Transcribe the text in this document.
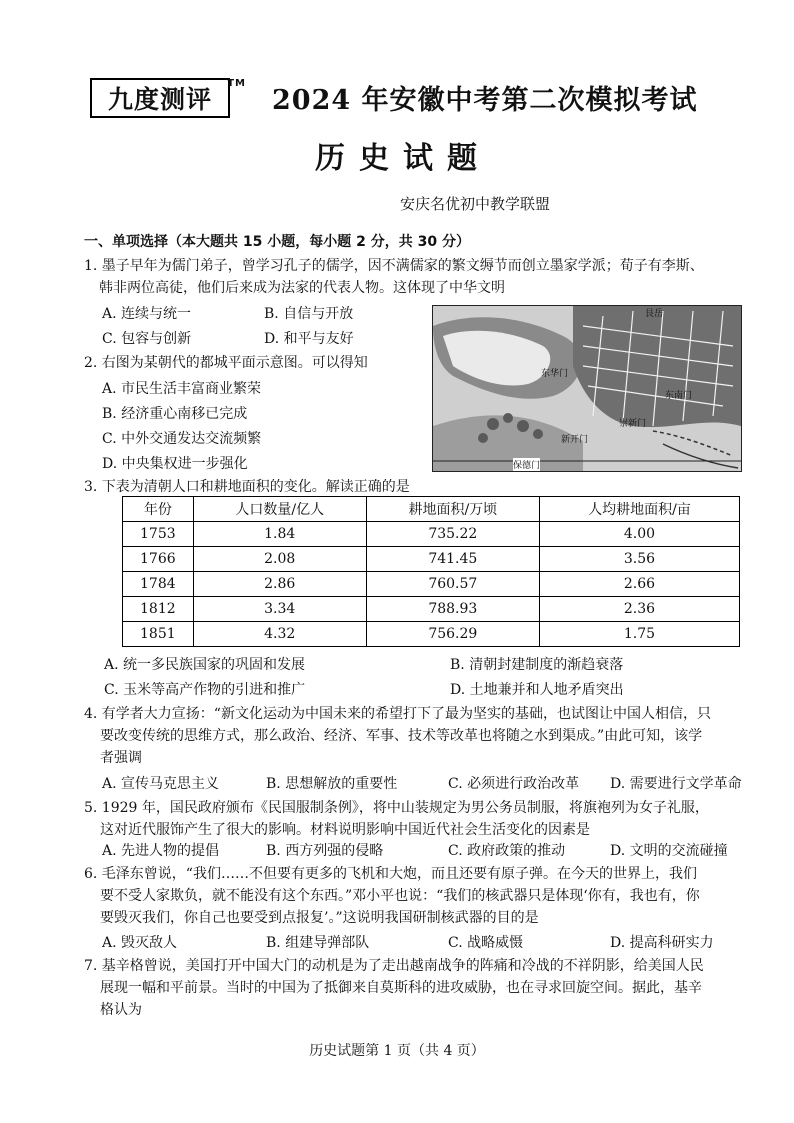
九度测评
™
2024 年安徽中考第二次模拟考试
历史试题
安庆名优初中教学联盟
一、单项选择（本大题共 15 小题，每小题 2 分，共 30 分）
1. 墨子早年为儒门弟子，曾学习孔子的儒学，因不满儒家的繁文缛节而创立墨家学派；荀子有李斯、
韩非两位高徒，他们后来成为法家的代表人物。这体现了中华文明
A. 连续与统一	B. 自信与开放
C. 包容与创新	D. 和平与友好
艮岳
东华门
东南门
新开门
崇新门
保德门
2. 右图为某朝代的都城平面示意图。可以得知
A. 市民生活丰富商业繁荣
B. 经济重心南移已完成
C. 中外交通发达交流频繁
D. 中央集权进一步强化
3. 下表为清朝人口和耕地面积的变化。解读正确的是
年份	人口数量/亿人	耕地面积/万顷	人均耕地面积/亩
1753	1.84	735.22	4.00
1766	2.08	741.45	3.56
1784	2.86	760.57	2.66
1812	3.34	788.93	2.36
1851	4.32	756.29	1.75
A. 统一多民族国家的巩固和发展	B. 清朝封建制度的渐趋衰落
C. 玉米等高产作物的引进和推广	D. 土地兼并和人地矛盾突出
4. 有学者大力宣扬：“新文化运动为中国未来的希望打下了最为坚实的基础，也试图让中国人相信，只
要改变传统的思维方式，那么政治、经济、军事、技术等改革也将随之水到渠成。”由此可知，该学
者强调
A. 宣传马克思主义	B. 思想解放的重要性	C. 必须进行政治改革 D. 需要进行文学革命
5. 1929 年，国民政府颁布《民国服制条例》，将中山装规定为男公务员制服，将旗袍列为女子礼服，
这对近代服饰产生了很大的影响。材料说明影响中国近代社会生活变化的因素是
A. 先进人物的提倡	B. 西方列强的侵略	C. 政府政策的推动	D. 文明的交流碰撞
6. 毛泽东曾说，“我们……不但要有更多的飞机和大炮，而且还要有原子弹。在今天的世界上，我们
要不受人家欺负，就不能没有这个东西。”邓小平也说：“我们的核武器只是体现‘你有，我也有，你
要毁灭我们，你自己也要受到点报复’。”这说明我国研制核武器的目的是
A. 毁灭敌人	B. 组建导弹部队	C. 战略威慑	D. 提高科研实力
7. 基辛格曾说，美国打开中国大门的动机是为了走出越南战争的阵痛和冷战的不祥阴影，给美国人民
展现一幅和平前景。当时的中国为了抵御来自莫斯科的进攻威胁，也在寻求回旋空间。据此，基辛
格认为
历史试题第 1 页（共 4 页）
